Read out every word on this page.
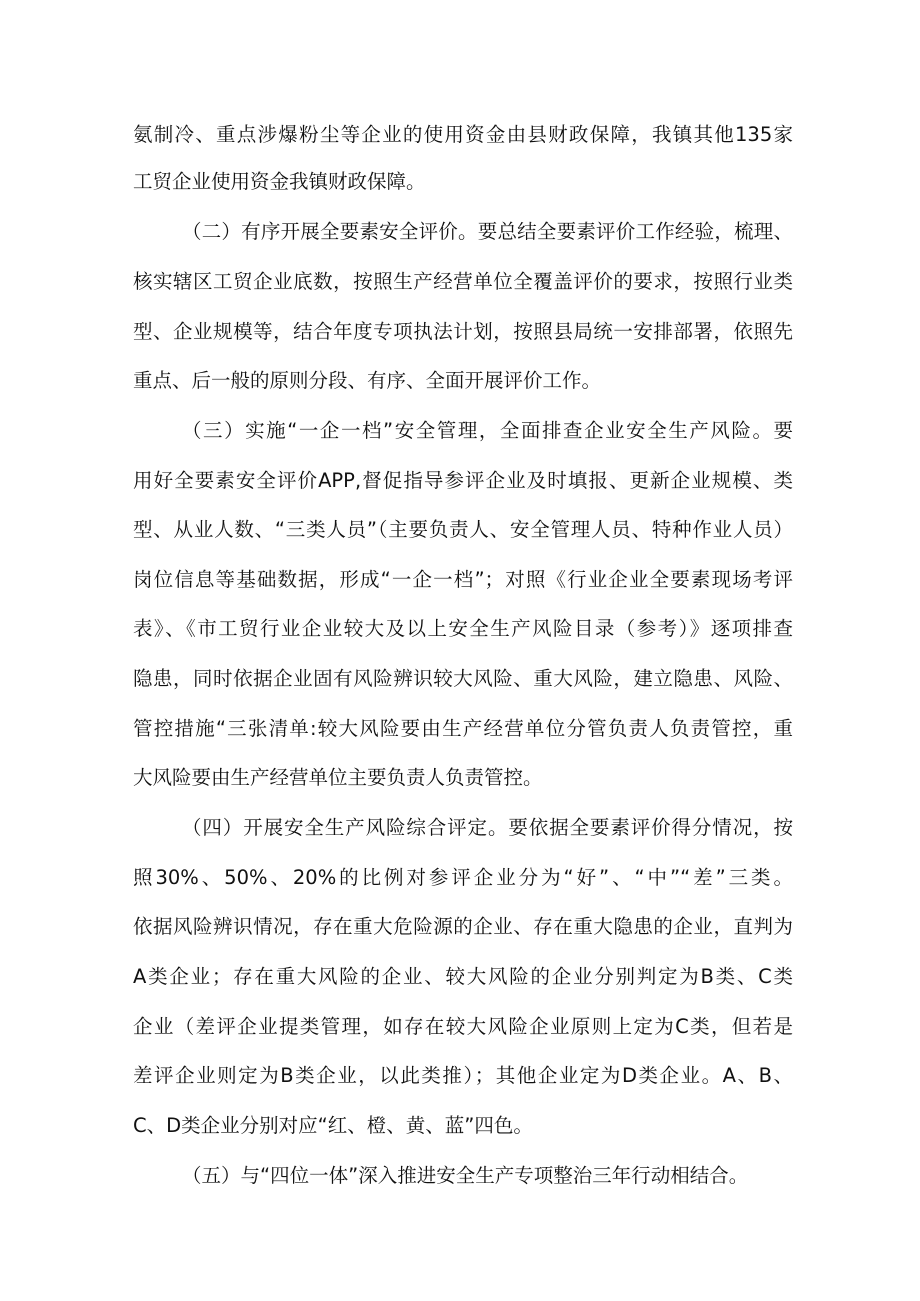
氨制冷、重点涉爆粉尘等企业的使用资金由县财政保障，我镇其他135家
工贸企业使用资金我镇财政保障。
（二）有序开展全要素安全评价。要总结全要素评价工作经验，梳理、
核实辖区工贸企业底数，按照生产经营单位全覆盖评价的要求，按照行业类
型、企业规模等，结合年度专项执法计划，按照县局统一安排部署，依照先
重点、后一般的原则分段、有序、全面开展评价工作。
（三）实施“一企一档”安全管理，全面排查企业安全生产风险。要
用好全要素安全评价APP,督促指导参评企业及时填报、更新企业规模、类
型、从业人数、“三类人员”（主要负责人、安全管理人员、特种作业人员）
岗位信息等基础数据，形成“一企一档”；对照《行业企业全要素现场考评
表》、《市工贸行业企业较大及以上安全生产风险目录（参考）》逐项排查
隐患，同时依据企业固有风险辨识较大风险、重大风险，建立隐患、风险、
管控措施“三张清单:较大风险要由生产经营单位分管负责人负责管控，重
大风险要由生产经营单位主要负责人负责管控。
（四）开展安全生产风险综合评定。要依据全要素评价得分情况，按
照30%、50%、20%的比例对参评企业分为“好”、“中”“差”三类。
依据风险辨识情况，存在重大危险源的企业、存在重大隐患的企业，直判为
A类企业；存在重大风险的企业、较大风险的企业分别判定为B类、C类
企业（差评企业提类管理，如存在较大风险企业原则上定为C类，但若是
差评企业则定为B类企业，以此类推）；其他企业定为D类企业。A、B、
C、D类企业分别对应“红、橙、黄、蓝”四色。
（五）与“四位一体”深入推进安全生产专项整治三年行动相结合。
